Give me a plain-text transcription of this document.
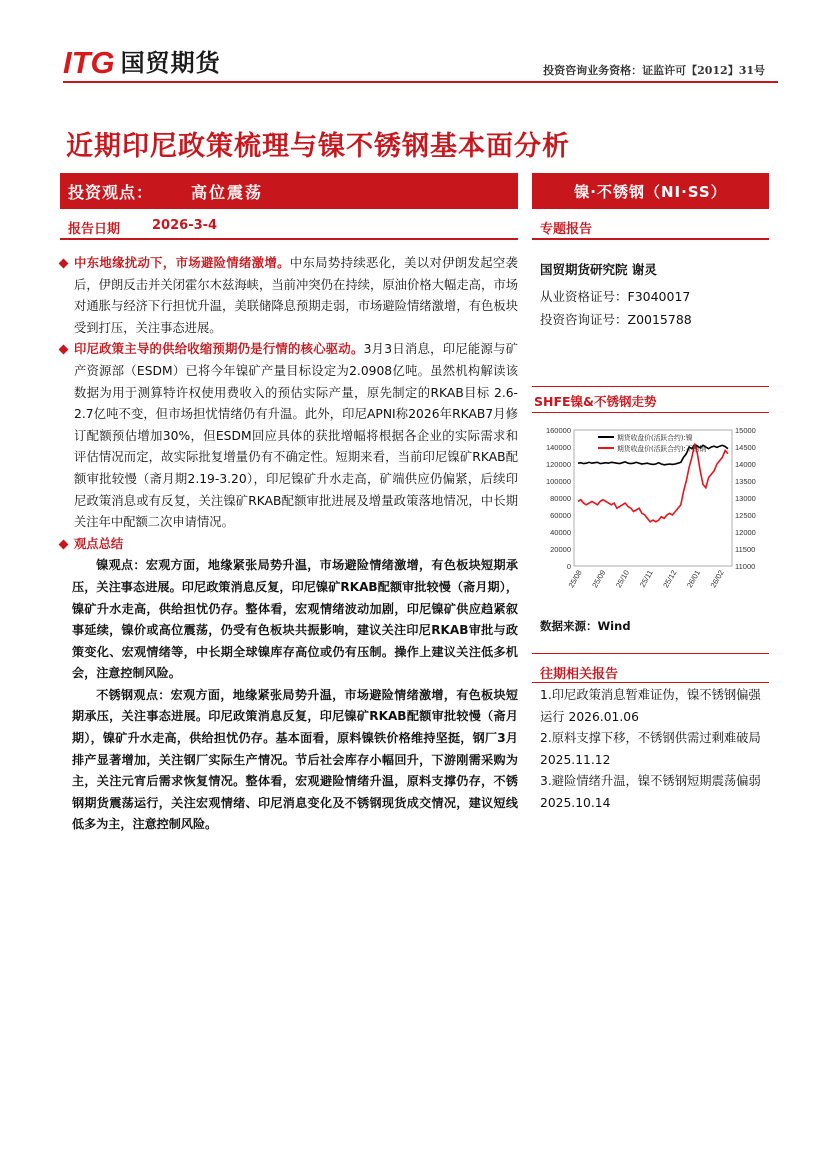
ITG 国贸期货	投资咨询业务资格：证监许可【2012】31号
近期印尼政策梳理与镍不锈钢基本面分析
投资观点： 高位震荡	镍·不锈钢（NI·SS）
报告日期 2026-3-4	专题报告

中东地缘扰动下，市场避险情绪激增。中东局势持续恶化，美以对伊朗发起空袭后，伊朗反击并关闭霍尔木兹海峡，当前冲突仍在持续，原油价格大幅走高，市场对通胀与经济下行担忧升温，美联储降息预期走弱，市场避险情绪激增，有色板块受到打压，关注事态进展。

印尼政策主导的供给收缩预期仍是行情的核心驱动。3月3日消息，印尼能源与矿产资源部（ESDM）已将今年镍矿产量目标设定为2.0908亿吨。虽然机构解读该数据为用于测算特许权使用费收入的预估实际产量，原先制定的RKAB目标 2.6-2.7亿吨不变，但市场担忧情绪仍有升温。此外，印尼APNI称2026年RKAB7月修订配额预估增加30%，但ESDM回应具体的获批增幅将根据各企业的实际需求和评估情况而定，故实际批复增量仍有不确定性。短期来看，当前印尼镍矿RKAB配额审批较慢（斋月期2.19-3.20），印尼镍矿升水走高，矿端供应仍偏紧，后续印尼政策消息或有反复，关注镍矿RKAB配额审批进展及增量政策落地情况，中长期关注年中配额二次申请情况。

观点总结

镍观点：宏观方面，地缘紧张局势升温，市场避险情绪激增，有色板块短期承压，关注事态进展。印尼政策消息反复，印尼镍矿RKAB配额审批较慢（斋月期），镍矿升水走高，供给担忧仍存。整体看，宏观情绪波动加剧，印尼镍矿供应趋紧叙事延续，镍价或高位震荡，仍受有色板块共振影响，建议关注印尼RKAB审批与政策变化、宏观情绪等，中长期全球镍库存高位或仍有压制。操作上建议关注低多机会，注意控制风险。

不锈钢观点：宏观方面，地缘紧张局势升温，市场避险情绪激增，有色板块短期承压，关注事态进展。印尼政策消息反复，印尼镍矿RKAB配额审批较慢（斋月期），镍矿升水走高，供给担忧仍存。基本面看，原料镍铁价格维持坚挺，钢厂3月排产显著增加，关注钢厂实际生产情况。节后社会库存小幅回升，下游刚需采购为主，关注元宵后需求恢复情况。整体看，宏观避险情绪升温，原料支撑仍存，不锈钢期货震荡运行，关注宏观情绪、印尼消息变化及不锈钢现货成交情况，建议短线低多为主，注意控制风险。

国贸期货研究院 谢灵
从业资格证号：F3040017
投资咨询证号：Z0015788
SHFE镍&不锈钢走势
0
20000
40000
60000
80000
100000
120000
140000
160000
11000
11500
12000
12500
13000
13500
14000
14500
15000
25/08 25/09 25/10 25/11 25/12 26/01 26/02
期货收盘价(活跃合约):镍
期货收盘价(活跃合约):不锈钢
数据来源：Wind
往期相关报告
1.印尼政策消息暂难证伪，镍不锈钢偏强运行 2026.01.06
2.原料支撑下移，不锈钢供需过剩难破局 2025.11.12
3.避险情绪升温，镍不锈钢短期震荡偏弱 2025.10.14
